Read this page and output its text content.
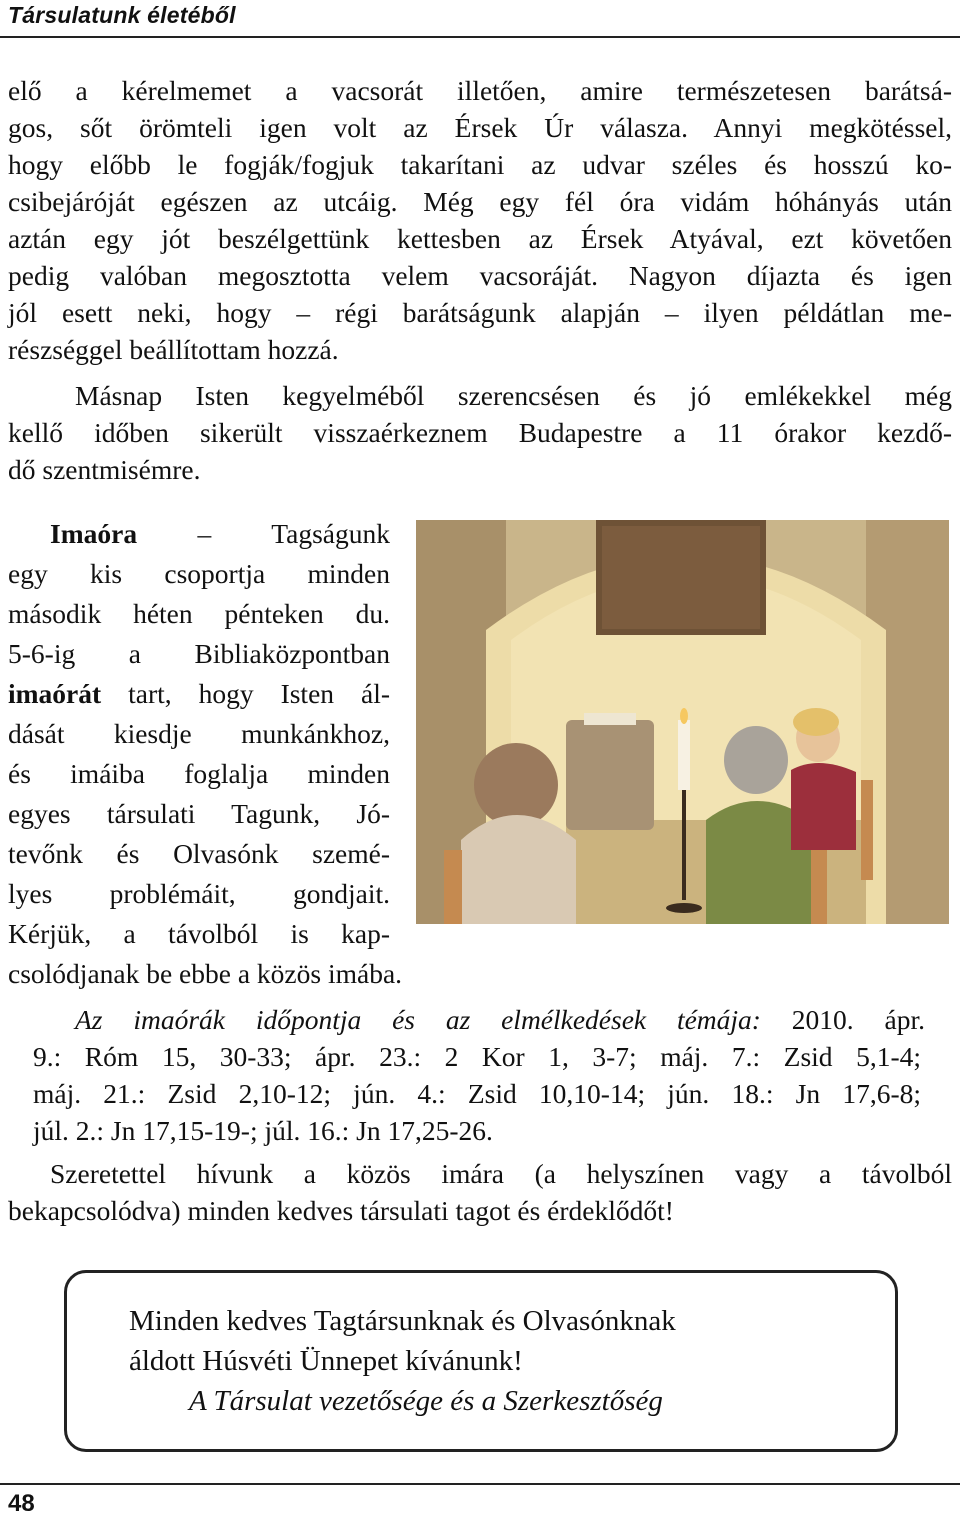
Társulatunk életéből
elő a kérelmemet a vacsorát illetően, amire természetesen barátsá-
gos, sőt örömteli igen volt az Érsek Úr válasza. Annyi megkötéssel,
hogy előbb le fogják/fogjuk takarítani az udvar széles és hosszú ko-
csibejáróját egészen az utcáig. Még egy fél óra vidám hóhányás után
aztán egy jót beszélgettünk kettesben az Érsek Atyával, ezt követően
pedig valóban megosztotta velem vacsoráját. Nagyon díjazta és igen
jól esett neki, hogy – régi barátságunk alapján – ilyen példátlan me-
részséggel beállítottam hozzá.
Másnap Isten kegyelméből szerencsésen és jó emlékekkel még
kellő időben sikerült visszaérkeznem Budapestre a 11 órakor kezdő-
dő szentmisémre.
Imaóra – Tagságunk
egy kis csoportja minden
második héten pénteken du.
5-6-ig a Bibliaközpontban
imaórát tart, hogy Isten ál-
dását kiesdje munkánkhoz,
és imáiba foglalja minden
egyes társulati Tagunk, Jó-
tevőnk és Olvasónk szemé-
lyes problémáit, gondjait.
Kérjük, a távolból is kap-
csolódjanak be ebbe a közös imába.
Az imaórák időpontja és az elmélkedések témája: 2010. ápr.
9.: Róm 15, 30-33; ápr. 23.: 2 Kor 1, 3-7; máj. 7.: Zsid 5,1-4;
máj. 21.: Zsid 2,10-12; jún. 4.: Zsid 10,10-14; jún. 18.: Jn 17,6-8;
júl. 2.: Jn 17,15-19-; júl. 16.: Jn 17,25-26.
Szeretettel hívunk a közös imára (a helyszínen vagy a távolból
bekapcsolódva) minden kedves társulati tagot és érdeklődőt!
Minden kedves Tagtársunknak és Olvasónknak
áldott Húsvéti Ünnepet kívánunk!
A Társulat vezetősége és a Szerkesztőség
48
